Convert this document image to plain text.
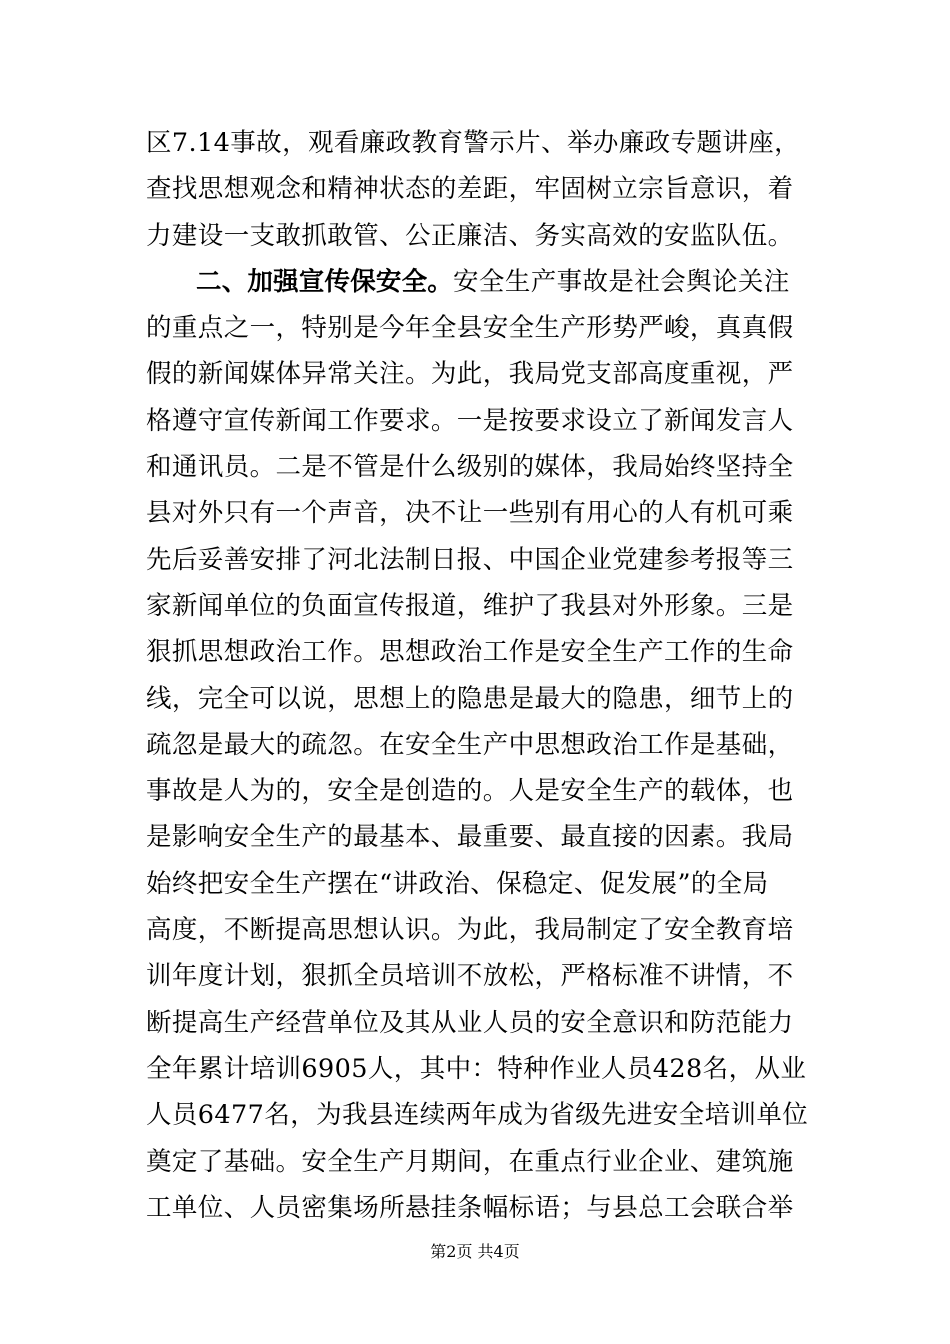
区7.14事故，观看廉政教育警示片、举办廉政专题讲座，
查找思想观念和精神状态的差距，牢固树立宗旨意识，着
力建设一支敢抓敢管、公正廉洁、务实高效的安监队伍。
二、加强宣传保安全。安全生产事故是社会舆论关注
的重点之一，特别是今年全县安全生产形势严峻，真真假
假的新闻媒体异常关注。为此，我局党支部高度重视，严
格遵守宣传新闻工作要求。一是按要求设立了新闻发言人
和通讯员。二是不管是什么级别的媒体，我局始终坚持全
县对外只有一个声音，决不让一些别有用心的人有机可乘
先后妥善安排了河北法制日报、中国企业党建参考报等三
家新闻单位的负面宣传报道，维护了我县对外形象。三是
狠抓思想政治工作。思想政治工作是安全生产工作的生命
线，完全可以说，思想上的隐患是最大的隐患，细节上的
疏忽是最大的疏忽。在安全生产中思想政治工作是基础，
事故是人为的，安全是创造的。人是安全生产的载体，也
是影响安全生产的最基本、最重要、最直接的因素。我局
始终把安全生产摆在“讲政治、保稳定、促发展”的全局
高度，不断提高思想认识。为此，我局制定了安全教育培
训年度计划，狠抓全员培训不放松，严格标准不讲情，不
断提高生产经营单位及其从业人员的安全意识和防范能力
全年累计培训6905人，其中：特种作业人员428名，从业
人员6477名，为我县连续两年成为省级先进安全培训单位
奠定了基础。安全生产月期间，在重点行业企业、建筑施
工单位、人员密集场所悬挂条幅标语；与县总工会联合举
第2页 共4页
